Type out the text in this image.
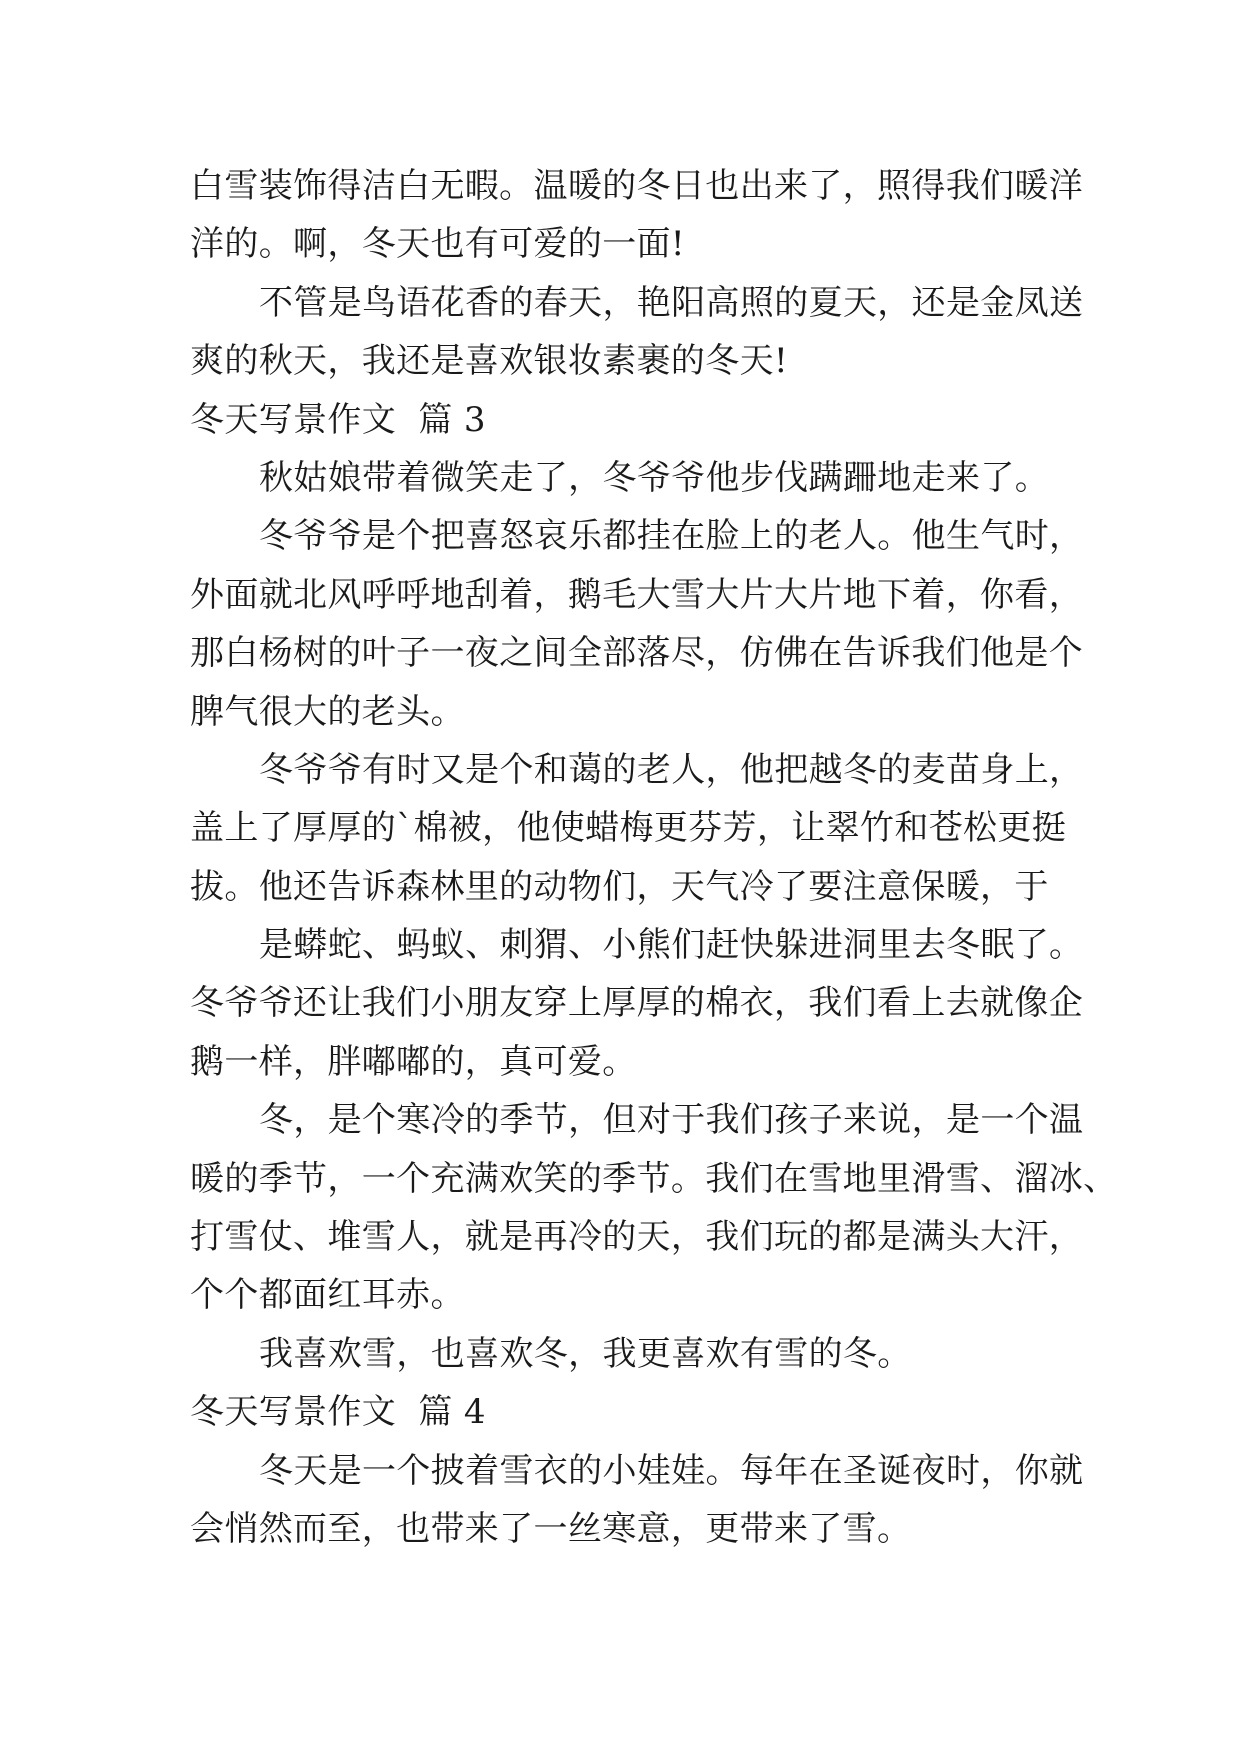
白雪装饰得洁白无暇。温暖的冬日也出来了，照得我们暖洋
洋的。啊，冬天也有可爱的一面!
不管是鸟语花香的春天，艳阳高照的夏天，还是金凤送
爽的秋天，我还是喜欢银妆素裹的冬天!
冬天写景作文  篇 3
秋姑娘带着微笑走了，冬爷爷他步伐蹒跚地走来了。
冬爷爷是个把喜怒哀乐都挂在脸上的老人。他生气时，
外面就北风呼呼地刮着，鹅毛大雪大片大片地下着，你看，
那白杨树的叶子一夜之间全部落尽，仿佛在告诉我们他是个
脾气很大的老头。
冬爷爷有时又是个和蔼的老人，他把越冬的麦苗身上，
盖上了厚厚的`棉被，他使蜡梅更芬芳，让翠竹和苍松更挺
拔。他还告诉森林里的动物们，天气冷了要注意保暖，于
是蟒蛇、蚂蚁、刺猬、小熊们赶快躲进洞里去冬眠了。
冬爷爷还让我们小朋友穿上厚厚的棉衣，我们看上去就像企
鹅一样，胖嘟嘟的，真可爱。
冬，是个寒冷的季节，但对于我们孩子来说，是一个温
暖的季节，一个充满欢笑的季节。我们在雪地里滑雪、溜冰、
打雪仗、堆雪人，就是再冷的天，我们玩的都是满头大汗，
个个都面红耳赤。
我喜欢雪，也喜欢冬，我更喜欢有雪的冬。
冬天写景作文  篇 4
冬天是一个披着雪衣的小娃娃。每年在圣诞夜时，你就
会悄然而至，也带来了一丝寒意，更带来了雪。
